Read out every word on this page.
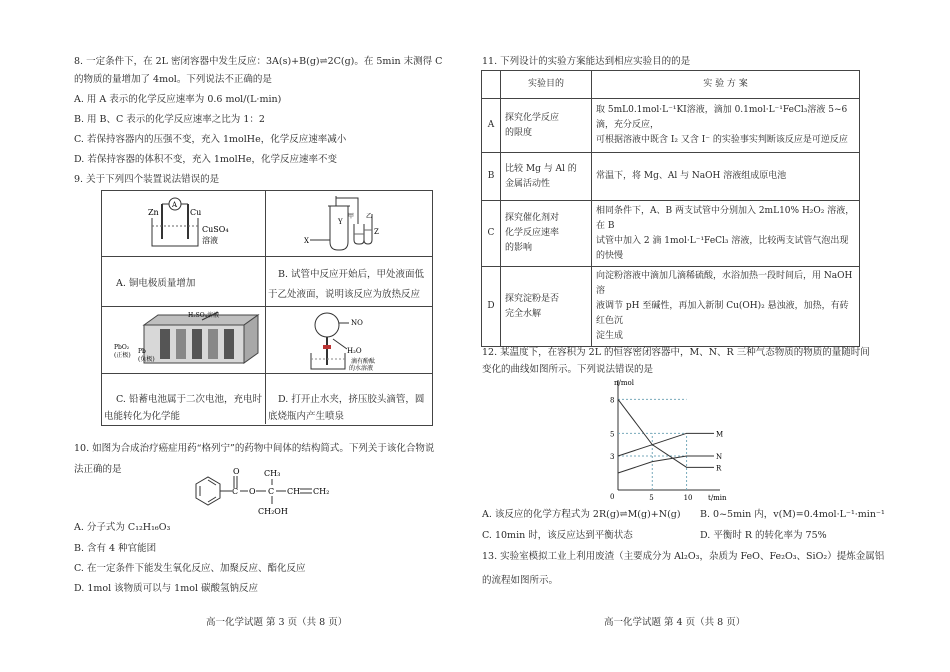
8. 一定条件下，在 2L 密闭容器中发生反应：3A(s)+B(g)⇌2C(g)。在 5min 末测得 C
的物质的量增加了 4mol。下列说法不正确的是
A. 用 A 表示的化学反应速率为 0.6 mol/(L·min)
B. 用 B、C 表示的化学反应速率之比为 1：2
C. 若保持容器内的压强不变，充入 1molHe，化学反应速率减小
D. 若保持容器的体积不变，充入 1molHe，化学反应速率不变
9. 关于下列四个装置说法错误的是
Zn	Cu
A
CuSO₄
溶液
A. 铜电极质量增加
X
Y
Z
甲 乙
B. 试管中反应开始后，甲处液面低
于乙处液面，说明该反应为放热反应
H₂SO₄溶液
PbO₂
(正极)
Pb
(负极)
C. 铅蓄电池属于二次电池，充电时
电能转化为化学能
NO
H₂O
滴有酚酞
的水溶液
D. 打开止水夹，挤压胶头滴管，圆
底烧瓶内产生喷泉
10. 如图为合成治疗癌症用药“格列宁”的药物中间体的结构简式。下列关于该化合物说
法正确的是	O
C O C
CH₃
CH CH₂
CH₂OH
A. 分子式为 C₁₂H₁₆O₃
B. 含有 4 种官能团
C. 在一定条件下能发生氧化反应、加聚反应、酯化反应
D. 1mol 该物质可以与 1mol 碳酸氢钠反应
高一化学试题 第 3 页（共 8 页）
11. 下列设计的实验方案能达到相应实验目的的是
	实验目的	实 验 方 案
A	探究化学反应
的限度	取 5mL0.1mol·L⁻¹KI溶液，滴加 0.1mol·L⁻¹FeCl₃溶液 5~6 滴，充分反应，
可根据溶液中既含 I₂ 又含 I⁻ 的实验事实判断该反应是可逆反应
B	比较 Mg 与 Al 的
金属活动性	常温下，将 Mg、Al 与 NaOH 溶液组成原电池
C	探究催化剂对
化学反应速率
的影响	相同条件下，A、B 两支试管中分别加入 2mL10% H₂O₂ 溶液，在 B
试管中加入 2 滴 1mol·L⁻¹FeCl₃ 溶液，比较两支试管气泡出现的快慢
D	探究淀粉是否
完全水解	向淀粉溶液中滴加几滴稀硫酸，水浴加热一段时间后，用 NaOH 溶
液调节 pH 至碱性，再加入新制 Cu(OH)₂ 悬浊液，加热，有砖红色沉
淀生成
12. 某温度下，在容积为 2L 的恒容密闭容器中，M、N、R 三种气态物质的物质的量随时间
变化的曲线如图所示。下列说法错误的是
n/mol
t/min
0
3
5
8
5	10
M
N
R
A. 该反应的化学方程式为 2R(g)⇌M(g)+N(g) B. 0~5min 内，v(M)=0.4mol·L⁻¹·min⁻¹
C. 10min 时，该反应达到平衡状态	D. 平衡时 R 的转化率为 75%
13. 实验室模拟工业上利用废渣（主要成分为 Al₂O₃，杂质为 FeO、Fe₂O₃、SiO₂）提炼金属铝
的流程如图所示。
高一化学试题 第 4 页（共 8 页）
